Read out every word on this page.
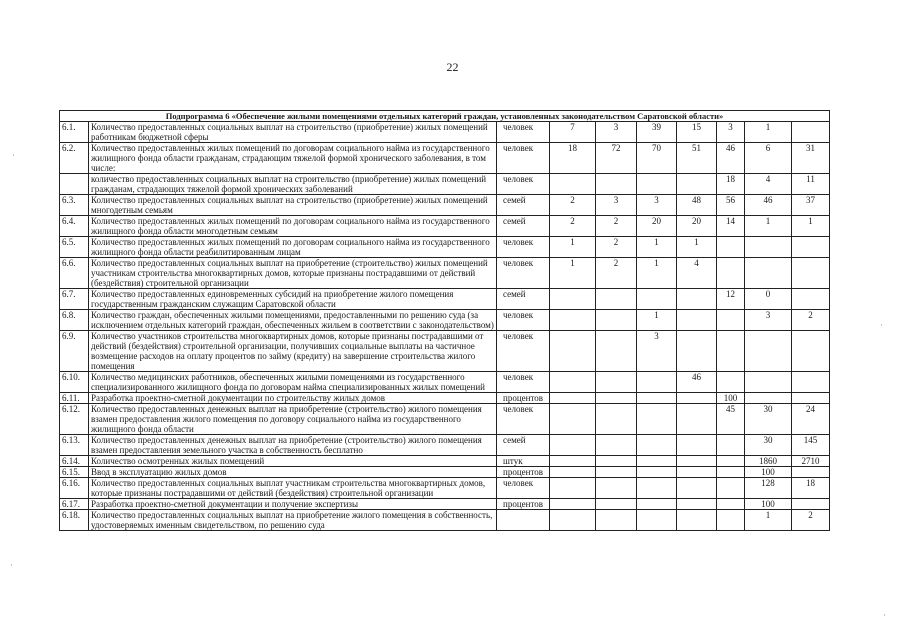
22
Подпрограмма 6 «Обеспечение жилыми помещениями отдельных категорий граждан, установленных законодательством Саратовской области»									
6.1.	Количество предоставленных социальных выплат на строительство (приобретение) жилых помещений работникам бюджетной сферы	человек	7	3	39	15	3	1	
6.2.	Количество предоставленных жилых помещений по договорам социального найма из государственного жилищного фонда области гражданам, страдающим тяжелой формой хронического заболевания, в том числе:	человек	18	72	70	51	46	6	31
	количество предоставленных социальных выплат на строительство (приобретение) жилых помещений гражданам, страдающих тяжелой формой хронических заболеваний	человек					18	4	11
6.3.	Количество предоставленных социальных выплат на строительство (приобретение) жилых помещений многодетным семьям	семей	2	3	3	48	56	46	37
6.4.	Количество предоставленных жилых помещений по договорам социального найма из государственного жилищного фонда области многодетным семьям	семей	2	2	20	20	14	1	1
6.5.	Количество предоставленных жилых помещений по договорам социального найма из государственного жилищного фонда области реабилитированным лицам	человек	1	2	1	1			
6.6.	Количество предоставленных социальных выплат на приобретение (строительство) жилых помещений участникам строительства многоквартирных домов, которые признаны пострадавшими от действий (бездействия) строительной организации	человек	1	2	1	4			
6.7.	Количество предоставленных единовременных субсидий на приобретение жилого помещения государственным гражданским служащим Саратовской области	семей					12	0	
6.8.	Количество граждан, обеспеченных жилыми помещениями, предоставленными по решению суда (за исключением отдельных категорий граждан, обеспеченных жильем в соответствии с законодательством)	человек			1			3	2
6.9.	Количество участников строительства многоквартирных домов, которые признаны пострадавшими от действий (бездействия) строительной организации, получивших социальные выплаты на частичное возмещение расходов на оплату процентов по займу (кредиту) на завершение строительства жилого помещения	человек			3				
6.10.	Количество медицинских работников, обеспеченных жилыми помещениями из государственного специализированного жилищного фонда по договорам найма специализированных жилых помещений	человек				46			
6.11.	Разработка проектно-сметной документации по строительству жилых домов	процентов					100		
6.12.	Количество предоставленных денежных выплат на приобретение (строительство) жилого помещения взамен предоставления жилого помещения по договору социального найма из государственного жилищного фонда области	человек					45	30	24
6.13.	Количество предоставленных денежных выплат на приобретение (строительство) жилого помещения взамен предоставления земельного участка в собственность бесплатно	семей						30	145
6.14.	Количество осмотренных жилых помещений	штук						1860	2710
6.15.	Ввод в эксплуатацию жилых домов	процентов						100	
6.16.	Количество предоставленных социальных выплат участникам строительства многоквартирных домов, которые признаны пострадавшими от действий (бездействия) строительной организации	человек						128	18
6.17.	Разработка проектно-сметной документации и получение экспертизы	процентов						100	
6.18.	Количество предоставленных социальных выплат на приобретение жилого помещения в собственность, удостоверяемых именным свидетельством, по решению суда							1	2
·
·
·
·
